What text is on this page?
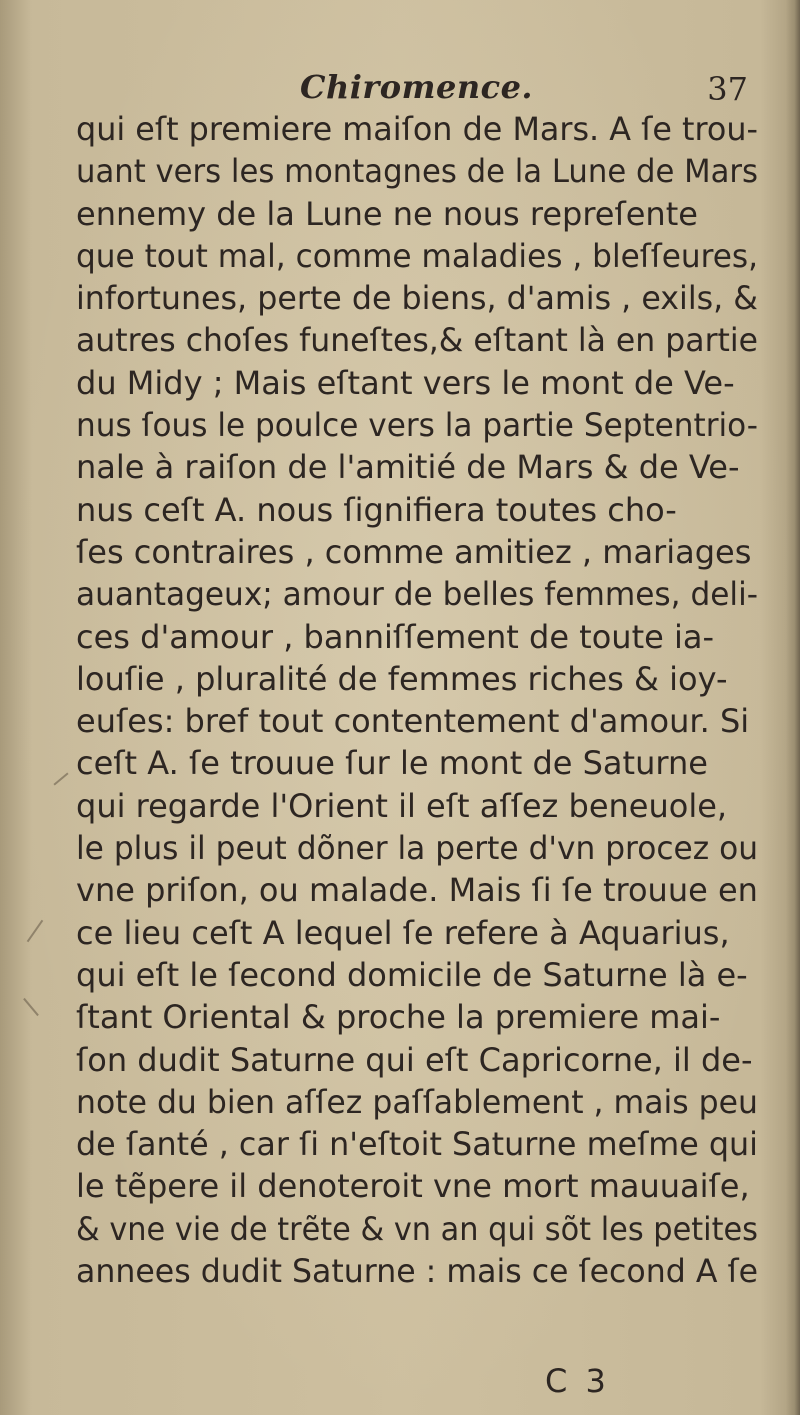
Chiromence.	37
qui eſt premiere maiſon de Mars. A ſe trou-
uant vers les montagnes de la Lune de Mars
ennemy de la Lune ne nous repreſente
que tout mal, comme maladies , bleſſeures,
infortunes, perte de biens, d'amis , exils, &
autres choſes funeſtes,& eſtant là en partie
du Midy ; Mais eſtant vers le mont de Ve-
nus ſous le poulce vers la partie Septentrio-
nale à raiſon de l'amitié de Mars & de Ve-
nus ceſt A. nous ſignifiera toutes cho-
ſes contraires , comme amitiez , mariages
auantageux; amour de belles femmes, deli-
ces d'amour , banniſſement de toute ia-
louſie , pluralité de femmes riches & ioy-
euſes: bref tout contentement d'amour. Si
ceſt A. ſe trouue ſur le mont de Saturne
qui regarde l'Orient il eſt aſſez beneuole,
le plus il peut dõner la perte d'vn procez ou
vne priſon, ou malade. Mais ſi ſe trouue en
ce lieu ceſt A lequel ſe refere à Aquarius,
qui eſt le ſecond domicile de Saturne là e-
ſtant Oriental & proche la premiere mai-
ſon dudit Saturne qui eſt Capricorne, il de-
note du bien aſſez paſſablement , mais peu
de ſanté , car ſi n'eſtoit Saturne meſme qui
le tẽpere il denoteroit vne mort mauuaiſe,
& vne vie de trẽte & vn an qui sõt les petites
annees dudit Saturne : mais ce ſecond A ſe
C 3
